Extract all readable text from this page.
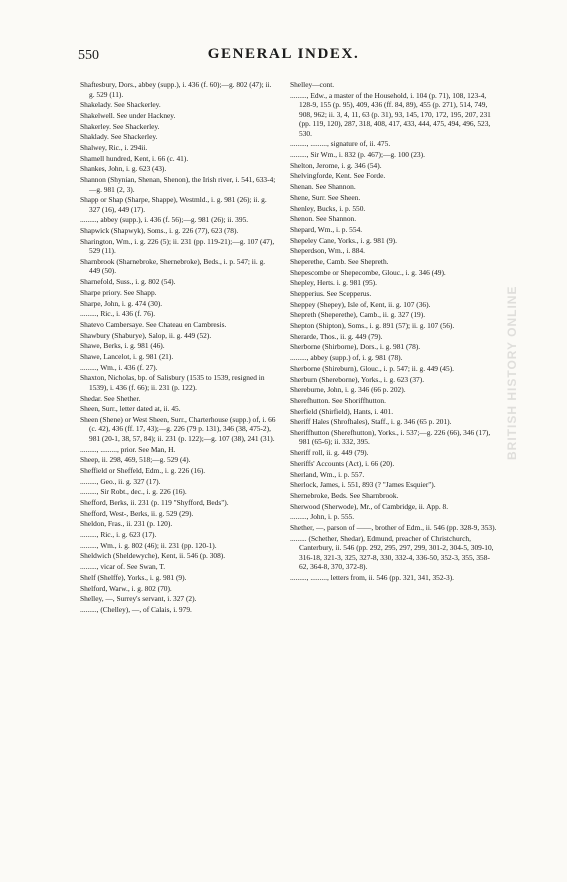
550	GENERAL INDEX.
BRITISH HISTORY ONLINE
Shaftesbury, Dors., abbey (supp.), i. 436 (f. 60);—g. 802 (47); ii. g. 529 (11).
Shakelady. See Shackerley.
Shakelwell. See under Hackney.
Shakerley. See Shackerley.
Shaklady. See Shackerley.
Shalwey, Ric., i. 294ii.
Shamell hundred, Kent, i. 66 (c. 41).
Shankes, John, i. g. 623 (43).
Shannon (Shynian, Shenan, Shenon), the Irish river, i. 541, 633-4;—g. 981 (2, 3).
Shapp or Shap (Sharpe, Shappe), Westmld., i. g. 981 (26); ii. g. 327 (16), 449 (17).
........., abbey (supp.), i. 436 (f. 56);—g. 981 (26); ii. 395.
Shapwick (Shapwyk), Soms., i. g. 226 (77), 623 (78).
Sharington, Wm., i. g. 226 (5); ii. 231 (pp. 119-21);—g. 107 (47), 529 (11).
Sharnbrook (Sharnebroke, Shernebroke), Beds., i. p. 547; ii. g. 449 (50).
Sharnefold, Suss., i. g. 802 (54).
Sharpe priory. See Shapp.
Sharpe, John, i. g. 474 (30).
........., Ric., i. 436 (f. 76).
Shatevo Cambersaye. See Chateau en Cambresis.
Shawbury (Shaburye), Salop, ii. g. 449 (52).
Shawe, Berks, i. g. 981 (46).
Shawe, Lancelot, i. g. 981 (21).
........., Wm., i. 436 (f. 27).
Shaxton, Nicholas, bp. of Salisbury (1535 to 1539, resigned in 1539), i. 436 (f. 66); ii. 231 (p. 122).
Shedar. See Shether.
Sheen, Surr., letter dated at, ii. 45.
Sheen (Shene) or West Sheen, Surr., Charterhouse (supp.) of, i. 66 (c. 42), 436 (ff. 17, 43);—g. 226 (79 p. 131), 346 (38, 475-2), 981 (20-1, 38, 57, 84); ii. 231 (p. 122);—g. 107 (38), 241 (31).
........., ........., prior. See Man, H.
Sheep, ii. 298, 469, 518;—g. 529 (4).
Sheffield or Sheffeld, Edm., i. g. 226 (16).
........., Geo., ii. g. 327 (17).
........., Sir Robt., dec., i. g. 226 (16).
Shefford, Berks, ii. 231 (p. 119 "Shyfford, Beds").
Shefford, West-, Berks, ii. g. 529 (29).
Sheldon, Fras., ii. 231 (p. 120).
........., Ric., i. g. 623 (17).
........., Wm., i. g. 802 (46); ii. 231 (pp. 120-1).
Sheldwich (Sheldewyche), Kent, ii. 546 (p. 308).
........., vicar of. See Swan, T.
Shelf (Shelffe), Yorks., i. g. 981 (9).
Shelford, Warw., i. g. 802 (70).
Shelley, —, Surrey's servant, i. 327 (2).
........., (Chelley), —, of Calais, i. 979.
Shelley—cont.
........., Edw., a master of the Household, i. 104 (p. 71), 108, 123-4, 128-9, 155 (p. 95), 409, 436 (ff. 84, 89), 455 (p. 271), 514, 749, 908, 962; ii. 3, 4, 11, 63 (p. 31), 93, 145, 170, 172, 195, 207, 231 (pp. 119, 120), 287, 318, 408, 417, 433, 444, 475, 494, 496, 523, 530.
........., ........., signature of, ii. 475.
........., Sir Wm., i. 832 (p. 467);—g. 100 (23).
Shelton, Jerome, i. g. 346 (54).
Shelvingforde, Kent. See Forde.
Shenan. See Shannon.
Shene, Surr. See Sheen.
Shenley, Bucks, i. p. 550.
Shenon. See Shannon.
Shepard, Wm., i. p. 554.
Shepeley Cane, Yorks., i. g. 981 (9).
Sheperdson, Wm., i. 884.
Sheperethe, Camb. See Shepreth.
Shepescombe or Shepecombe, Glouc., i. g. 346 (49).
Shepley, Herts. i. g. 981 (95).
Shepperius. See Scepperus.
Sheppey (Shepey), Isle of, Kent, ii. g. 107 (36).
Shepreth (Sheperethe), Camb., ii. g. 327 (19).
Shepton (Shipton), Soms., i. g. 891 (57); ii. g. 107 (56).
Sherarde, Thos., ii. g. 449 (79).
Sherborne (Shirborne), Dors., i. g. 981 (78).
........., abbey (supp.) of, i. g. 981 (78).
Sherborne (Shireburn), Glouc., i. p. 547; ii. g. 449 (45).
Sherburn (Shereborne), Yorks., i. g. 623 (37).
Shereburne, John, i. g. 346 (66 p. 202).
Sherefhutton. See Shoriffhutton.
Sherfield (Shirfield), Hants, i. 401.
Sheriff Hales (Shrofhales), Staff., i. g. 346 (65 p. 201).
Sheriffhutton (Sherefhutton), Yorks., i. 537;—g. 226 (66), 346 (17), 981 (65-6); ii. 332, 395.
Sheriff roll, ii. g. 449 (79).
Sheriffs' Accounts (Act), i. 66 (20).
Sherland, Wm., i. p. 557.
Sherlock, James, i. 551, 893 (? "James Esquier").
Shernebroke, Beds. See Sharnbrook.
Sherwood (Sherwode), Mr., of Cambridge, ii. App. 8.
........., John, i. p. 555.
Shether, —, parson of ——, brother of Edm., ii. 546 (pp. 328-9, 353).
......... (Schether, Shedar), Edmund, preacher of Christchurch, Canterbury, ii. 546 (pp. 292, 295, 297, 299, 301-2, 304-5, 309-10, 316-18, 321-3, 325, 327-8, 330, 332-4, 336-50, 352-3, 355, 358-62, 364-8, 370, 372-8).
........., ........., letters from, ii. 546 (pp. 321, 341, 352-3).
